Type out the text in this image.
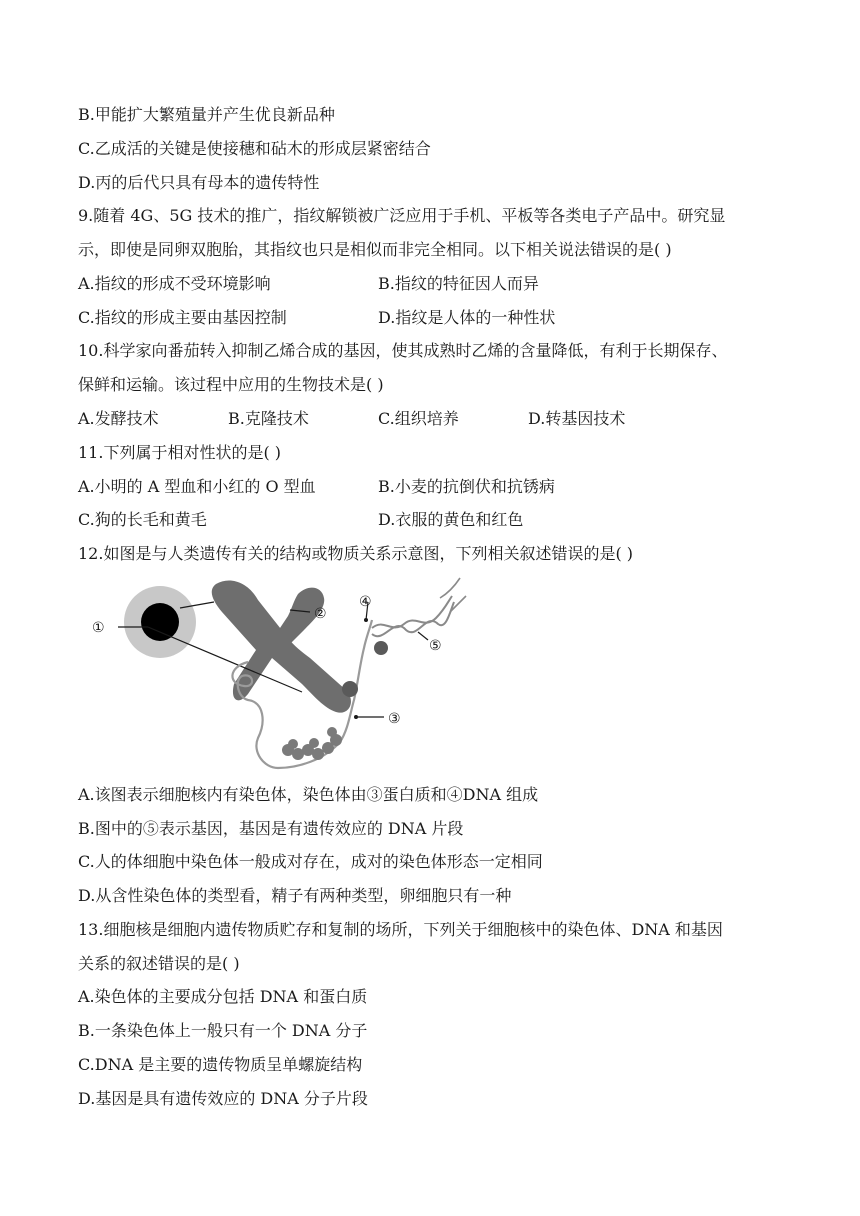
B.甲能扩大繁殖量并产生优良新品种
C.乙成活的关键是使接穗和砧木的形成层紧密结合
D.丙的后代只具有母本的遗传特性
9.随着 4G、5G 技术的推广，指纹解锁被广泛应用于手机、平板等各类电子产品中。研究显
示，即使是同卵双胞胎，其指纹也只是相似而非完全相同。以下相关说法错误的是( )
A.指纹的形成不受环境影响	B.指纹的特征因人而异
C.指纹的形成主要由基因控制	D.指纹是人体的一种性状
10.科学家向番茄转入抑制乙烯合成的基因，使其成熟时乙烯的含量降低，有利于长期保存、
保鲜和运输。该过程中应用的生物技术是( )
A.发酵技术	B.克隆技术	C.组织培养	D.转基因技术
11.下列属于相对性状的是( )
A.小明的 A 型血和小红的 O 型血	B.小麦的抗倒伏和抗锈病
C.狗的长毛和黄毛	D.衣服的黄色和红色
12.如图是与人类遗传有关的结构或物质关系示意图，下列相关叙述错误的是( )
①
②
③
④
⑤
A.该图表示细胞核内有染色体，染色体由③蛋白质和④DNA 组成
B.图中的⑤表示基因，基因是有遗传效应的 DNA 片段
C.人的体细胞中染色体一般成对存在，成对的染色体形态一定相同
D.从含性染色体的类型看，精子有两种类型，卵细胞只有一种
13.细胞核是细胞内遗传物质贮存和复制的场所，下列关于细胞核中的染色体、DNA 和基因
关系的叙述错误的是( )
A.染色体的主要成分包括 DNA 和蛋白质
B.一条染色体上一般只有一个 DNA 分子
C.DNA 是主要的遗传物质呈单螺旋结构
D.基因是具有遗传效应的 DNA 分子片段
